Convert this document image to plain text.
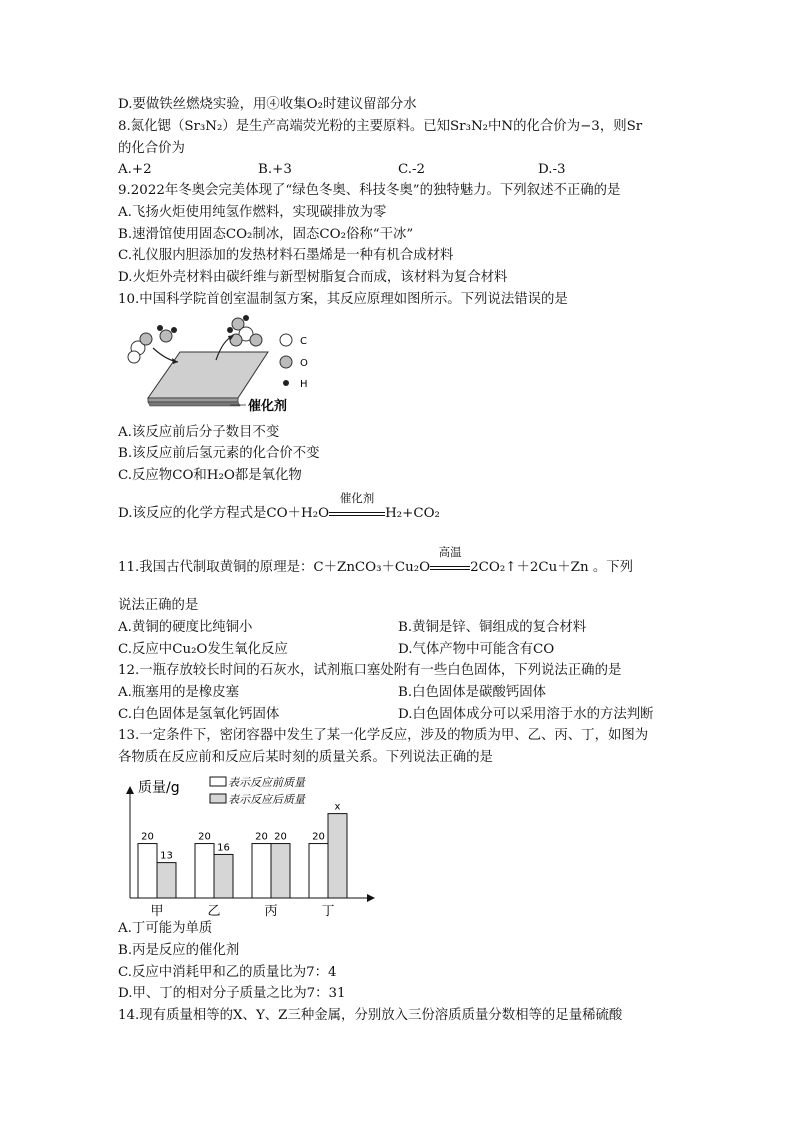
D.要做铁丝燃烧实验，用④收集O₂时建议留部分水
8.氮化锶（Sr₃N₂）是生产高端荧光粉的主要原料。已知Sr₃N₂中N的化合价为−3，则Sr
的化合价为
A.+2	B.+3	C.-2	D.-3
9.2022年冬奥会完美体现了“绿色冬奥、科技冬奥”的独特魅力。下列叙述不正确的是
A.飞扬火炬使用纯氢作燃料，实现碳排放为零
B.速滑馆使用固态CO₂制冰，固态CO₂俗称“干冰”
C.礼仪服内胆添加的发热材料石墨烯是一种有机合成材料
D.火炬外壳材料由碳纤维与新型树脂复合而成，该材料为复合材料
10.中国科学院首创室温制氢方案，其反应原理如图所示。下列说法错误的是
C
O
H
催化剂
A.该反应前后分子数目不变
B.该反应前后氢元素的化合价不变
C.反应物CO和H₂O都是氧化物
D.该反应的化学方程式是CO＋H₂O
催化剂
H₂+CO₂
11.我国古代制取黄铜的原理是：C＋ZnCO₃＋Cu₂O
高温
2CO₂↑＋2Cu＋Zn 。下列
说法正确的是
A.黄铜的硬度比纯铜小	B.黄铜是锌、铜组成的复合材料
C.反应中Cu₂O发生氧化反应	D.气体产物中可能含有CO
12.一瓶存放较长时间的石灰水，试剂瓶口塞处附有一些白色固体，下列说法正确的是
A.瓶塞用的是橡皮塞	B.白色固体是碳酸钙固体
C.白色固体是氢氧化钙固体	D.白色固体成分可以采用溶于水的方法判断
13.一定条件下，密闭容器中发生了某一化学反应，涉及的物质为甲、乙、丙、丁，如图为
各物质在反应前和反应后某时刻的质量关系。下列说法正确的是
质量/g	表示反应前质量
表示反应后质量
20
13
甲
20
16
乙
20 20
丙
20
x
丁
A.丁可能为单质
B.丙是反应的催化剂
C.反应中消耗甲和乙的质量比为7：4
D.甲、丁的相对分子质量之比为7：31
14.现有质量相等的X、Y、Z三种金属，分别放入三份溶质质量分数相等的足量稀硫酸
